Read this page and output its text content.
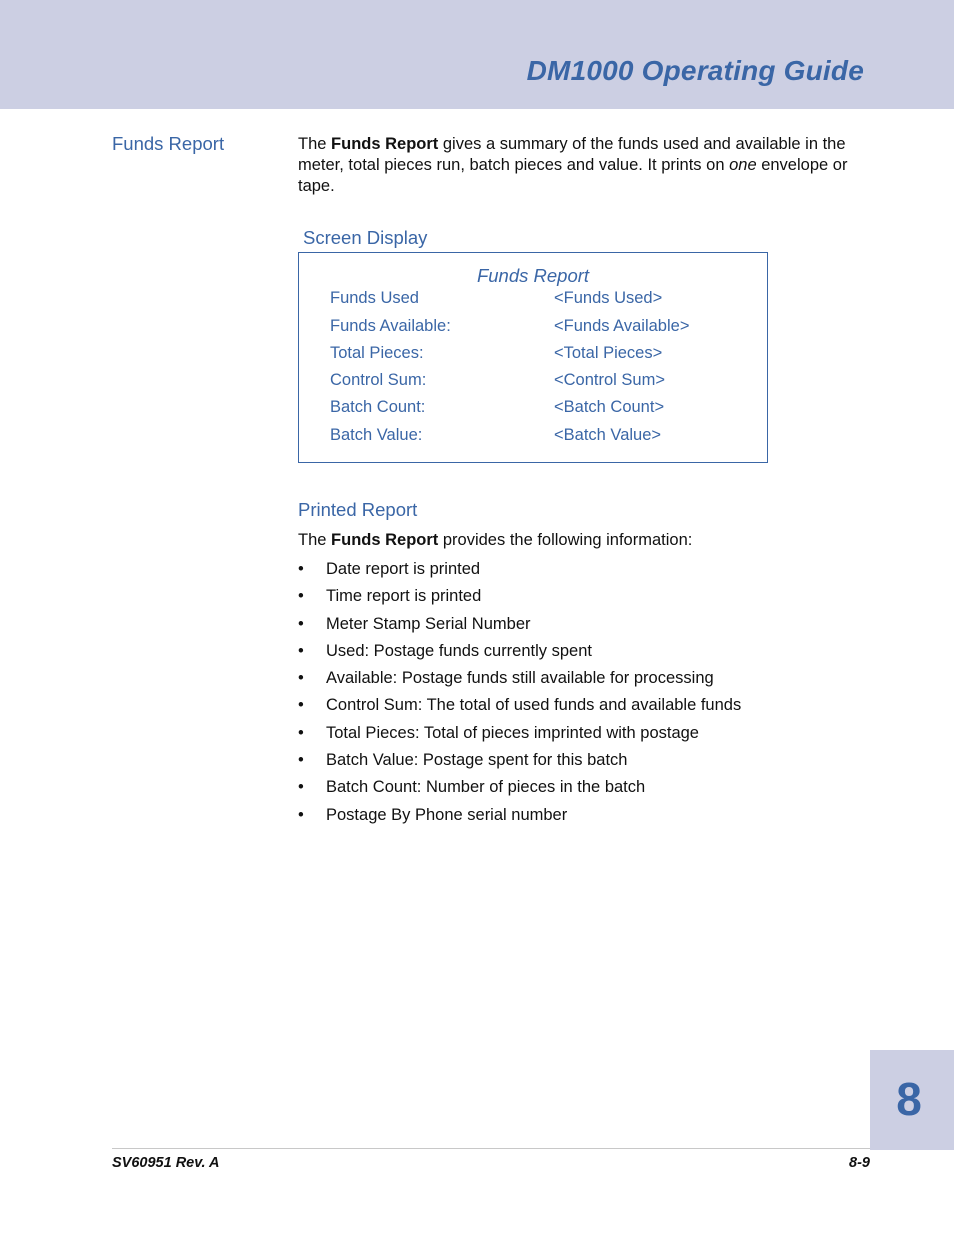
DM1000 Operating Guide
Funds Report	The Funds Report gives a summary of the funds used and available in the meter, total pieces run, batch pieces and value. It prints on one envelope or tape.

Screen Display
Funds Report
Funds Used	<Funds Used>
Funds Available:	<Funds Available>
Total Pieces:	<Total Pieces>
Control Sum:	<Control Sum>
Batch Count:	<Batch Count>
Batch Value:	<Batch Value>
Printed Report

The Funds Report provides the following information:

• Date report is printed
• Time report is printed
• Meter Stamp Serial Number
• Used: Postage funds currently spent
• Available: Postage funds still available for processing
• Control Sum: The total of used funds and available funds
• Total Pieces: Total of pieces imprinted with postage
• Batch Value: Postage spent for this batch
• Batch Count: Number of pieces in the batch
• Postage By Phone serial number
8
SV60951 Rev. A	8-9
